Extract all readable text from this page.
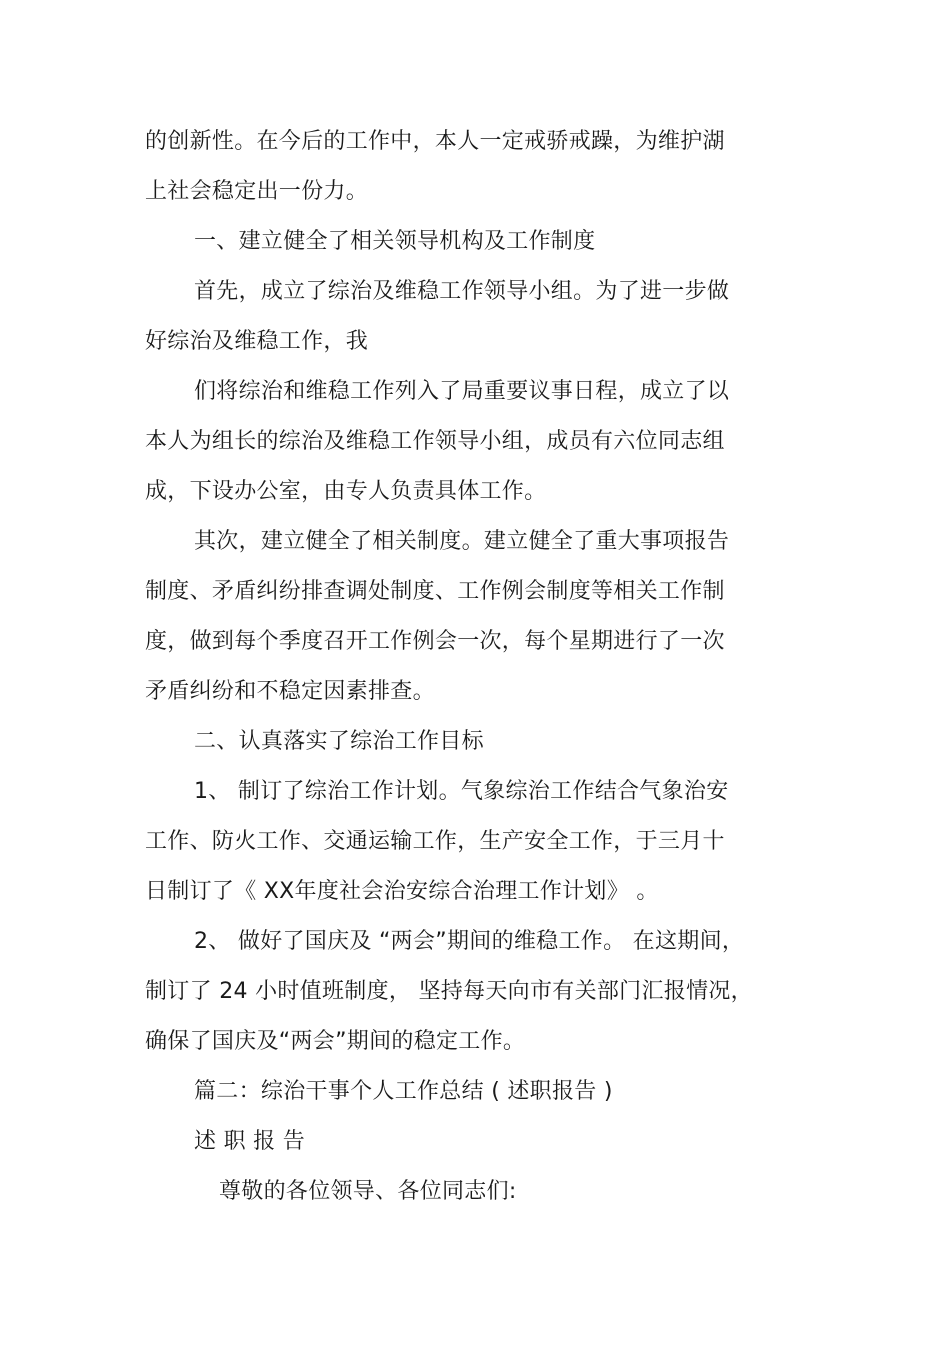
的创新性。在今后的工作中，本人一定戒骄戒躁，为维护湖
上社会稳定出一份力。
一、建立健全了相关领导机构及工作制度
首先，成立了综治及维稳工作领导小组。为了进一步做
好综治及维稳工作，我
们将综治和维稳工作列入了局重要议事日程，成立了以
本人为组长的综治及维稳工作领导小组，成员有六位同志组
成，下设办公室，由专人负责具体工作。
其次，建立健全了相关制度。建立健全了重大事项报告
制度、矛盾纠纷排查调处制度、工作例会制度等相关工作制
度，做到每个季度召开工作例会一次，每个星期进行了一次
矛盾纠纷和不稳定因素排查。
二、认真落实了综治工作目标
1、 制订了综治工作计划。气象综治工作结合气象治安
工作、防火工作、交通运输工作，生产安全工作，于三月十
日制订了《 XX年度社会治安综合治理工作计划》 。
2、 做好了国庆及 “两会”期间的维稳工作。 在这期间，
制订了 24 小时值班制度， 坚持每天向市有关部门汇报情况，
确保了国庆及“两会”期间的稳定工作。
篇二：综治干事个人工作总结 ( 述职报告 )
述 职 报 告
尊敬的各位领导、各位同志们:
